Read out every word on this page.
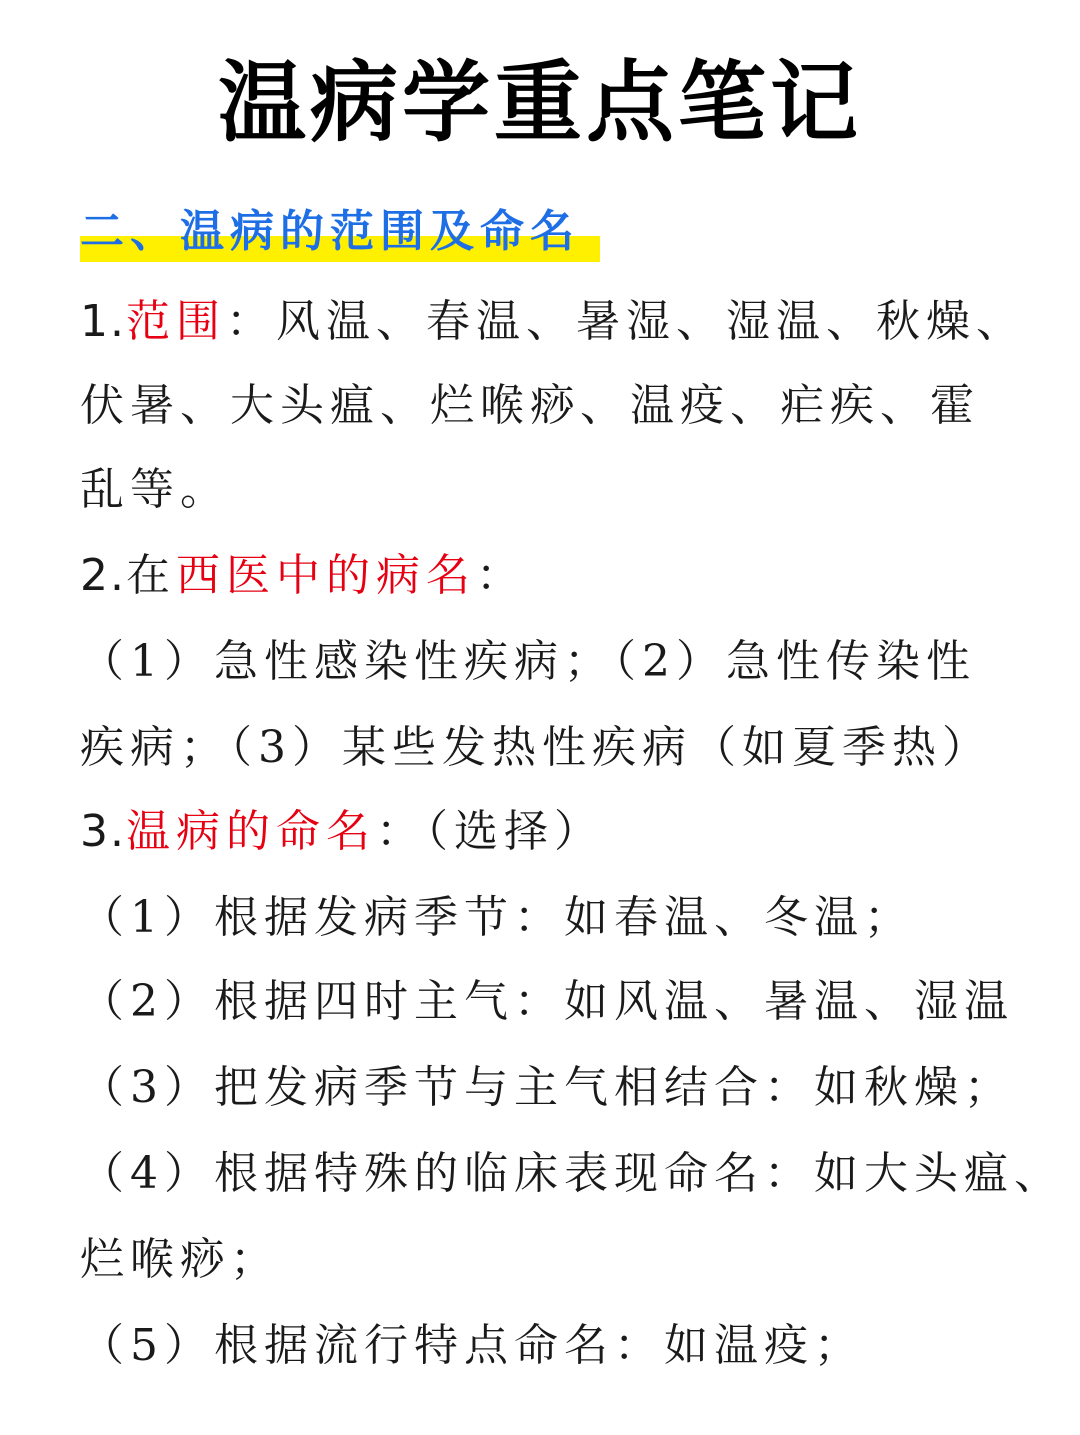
温病学重点笔记
二、温病的范围及命名
1.范围：风温、春温、暑湿、湿温、秋燥、
伏暑、大头瘟、烂喉痧、温疫、疟疾、霍
乱等。
2.在西医中的病名：
（1）急性感染性疾病；（2）急性传染性
疾病；（3）某些发热性疾病（如夏季热）
3.温病的命名：（选择）
（1）根据发病季节：如春温、冬温；
（2）根据四时主气：如风温、暑温、湿温
（3）把发病季节与主气相结合：如秋燥；
（4）根据特殊的临床表现命名：如大头瘟、
烂喉痧；
（5）根据流行特点命名：如温疫；
